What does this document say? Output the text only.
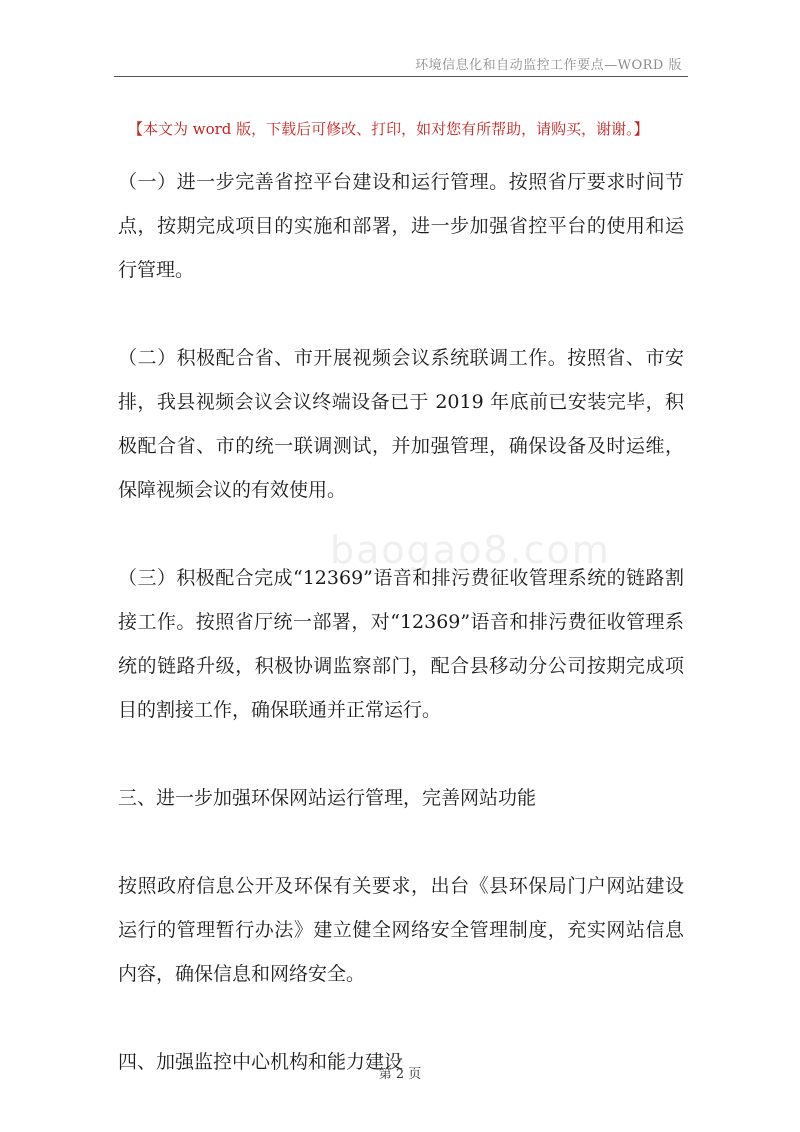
环境信息化和自动监控工作要点—WORD 版
【本文为 word 版，下载后可修改、打印，如对您有所帮助，请购买，谢谢。】
baogao8.com

（一）进一步完善省控平台建设和运行管理。按照省厅要求时间节点，按期完成项目的实施和部署，进一步加强省控平台的使用和运行管理。

（二）积极配合省、市开展视频会议系统联调工作。按照省、市安排，我县视频会议会议终端设备已于 2019 年底前已安装完毕，积极配合省、市的统一联调测试，并加强管理，确保设备及时运维，保障视频会议的有效使用。

（三）积极配合完成“12369”语音和排污费征收管理系统的链路割接工作。按照省厅统一部署，对“12369”语音和排污费征收管理系统的链路升级，积极协调监察部门，配合县移动分公司按期完成项目的割接工作，确保联通并正常运行。

三、进一步加强环保网站运行管理，完善网站功能

按照政府信息公开及环保有关要求，出台《县环保局门户网站建设运行的管理暂行办法》建立健全网络安全管理制度，充实网站信息内容，确保信息和网络安全。

四、加强监控中心机构和能力建设

第 2 页
